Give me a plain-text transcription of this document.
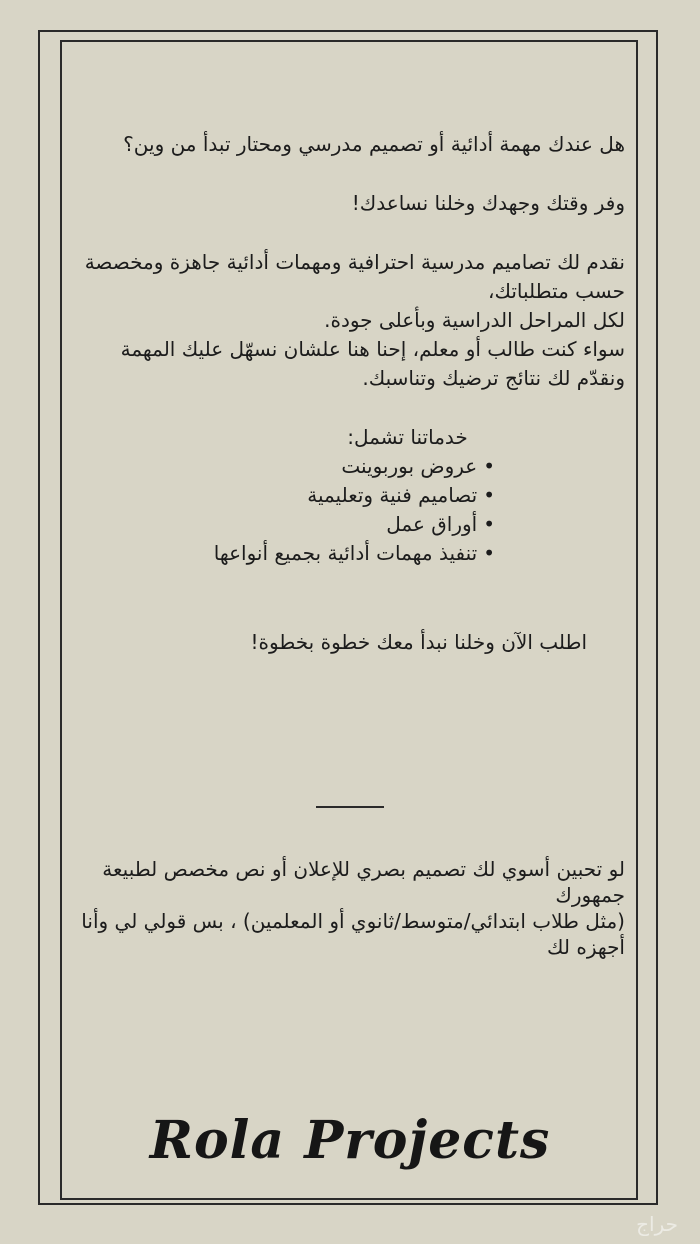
هل عندك مهمة أدائية أو تصميم مدرسي ومحتار تبدأ من وين؟

وفر وقتك وجهدك وخلنا نساعدك!

نقدم لك تصاميم مدرسية احترافية ومهمات أدائية جاهزة ومخصصة حسب متطلباتك،

لكل المراحل الدراسية وبأعلى جودة.

سواء كنت طالب أو معلم، إحنا هنا علشان نسهّل عليك المهمة ونقدّم لك نتائج ترضيك وتناسبك.

خدماتنا تشمل:

•عروض بوربوينت
•تصاميم فنية وتعليمية
•أوراق عمل
•تنفيذ مهمات أدائية بجميع أنواعها

اطلب الآن وخلنا نبدأ معك خطوة بخطوة!

لو تحبين أسوي لك تصميم بصري للإعلان أو نص مخصص لطبيعة جمهورك

(مثل طلاب ابتدائي/متوسط/ثانوي أو المعلمين) ، بس قولي لي وأنا أجهزه لك

Rola Projects
حراج
